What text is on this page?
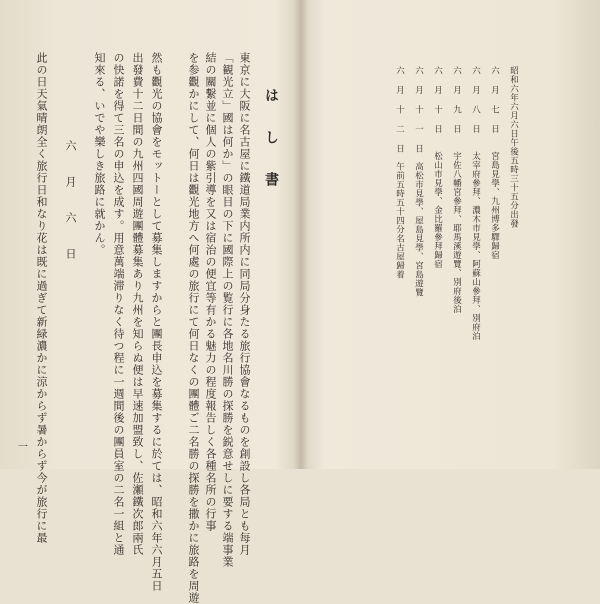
昭和六年六月六日午後五時三十五分出發
六 月 七 日　　宮島見學、九州博多驛歸宿
六 月 八 日　　太宰府參拜、濃木市見學、阿蘇山參拜、別府泊
六 月 九 日　　宇佐八幡宮參拜、耶馬溪遊覽、別府後泊
六 月 十 日　　松山市見學、金比羅參拜歸宿
六 月 十 一 日　高松市見學、屋島見學、宮島遊覽
六 月 十 二 日　午前五時五十四分名古屋歸着
は し 書
東京に大阪に名古屋に鐵道局業内所内に同局分身たる旅行協會なるものを創設し各局とも每月
「観光立」國は何か」の眼目の下に國際上の覧行に各地名川勝の探勝を鋭意せしに要する端事業
結の關繫並に個人の紫引導を又は宿治の便宜等有かる魅力の程度報告しく各種名所の行事
を参觀かにして、何日は觀光地方へ何處の旅行にて何日なくの團體ご二名勝の探勝を撒かに旅路を周遊
然も觀光の協會をモットーとして募集しますからと團長申込を募集するに於ては、昭和六年六月五日
出發費十二日間の九州四國周遊團體募集あり九州を知らぬ便は早速加盟致し、佐瀬鐵次郎兩氏
の快諾を得て三名の申込を成す。用意萬端滞りなく待つ程に一週間後の團員室の二名一組と通
知來る、いでや樂しき旅路に就かん。
六 月 六 日
此の日天氣晴朗全く旅行日和なり花は既に過ぎて新緑濃かに涼からず暑からず今が旅行に最
一
